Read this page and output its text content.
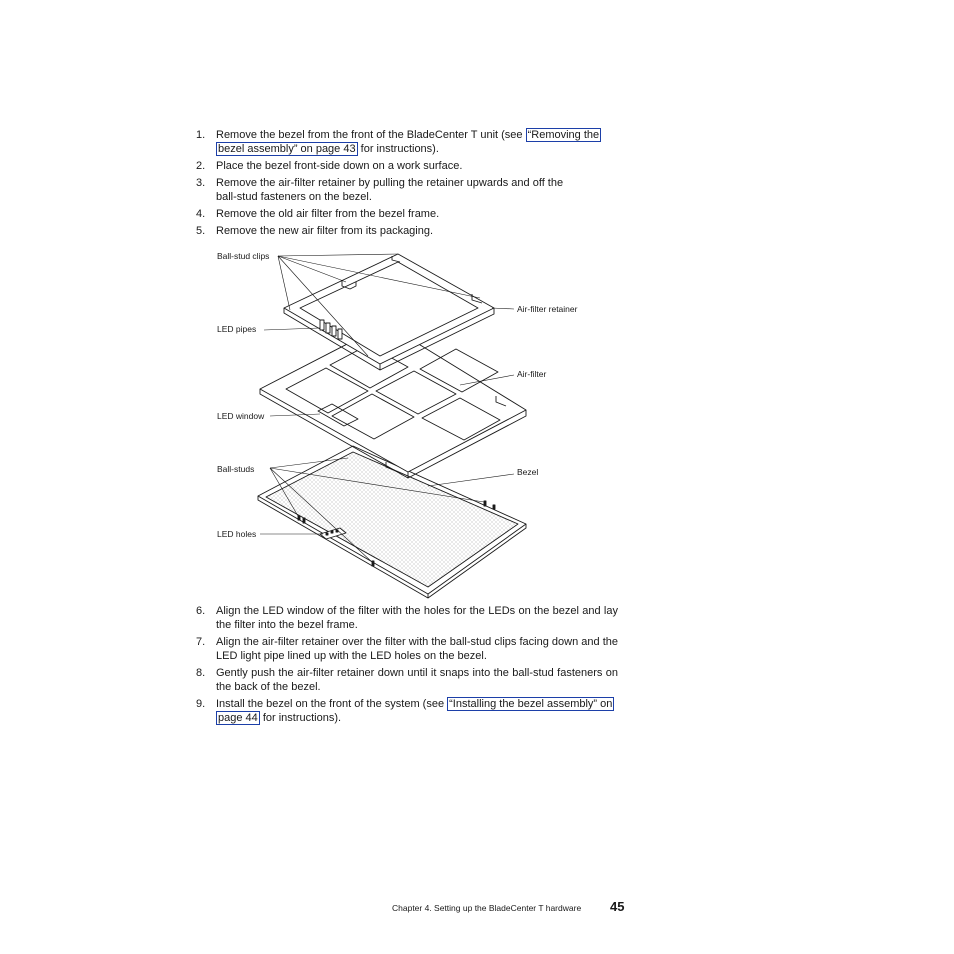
1. Remove the bezel from the front of the BladeCenter T unit (see “Removing the bezel assembly” on page 43 for instructions).
2. Place the bezel front-side down on a work surface.
3. Remove the air-filter retainer by pulling the retainer upwards and off the ball-stud fasteners on the bezel.
4. Remove the old air filter from the bezel frame.
5. Remove the new air filter from its packaging.
Ball-stud clips
Air-filter retainer
LED pipes
Air-filter
LED window
Ball-studs	Bezel
LED holes
6. Align the LED window of the filter with the holes for the LEDs on the bezel and lay the filter into the bezel frame.
7. Align the air-filter retainer over the filter with the ball-stud clips facing down and the LED light pipe lined up with the LED holes on the bezel.
8. Gently push the air-filter retainer down until it snaps into the ball-stud fasteners on the back of the bezel.
9. Install the bezel on the front of the system (see “Installing the bezel assembly” on page 44 for instructions).
Chapter 4. Setting up the BladeCenter T hardware 45
